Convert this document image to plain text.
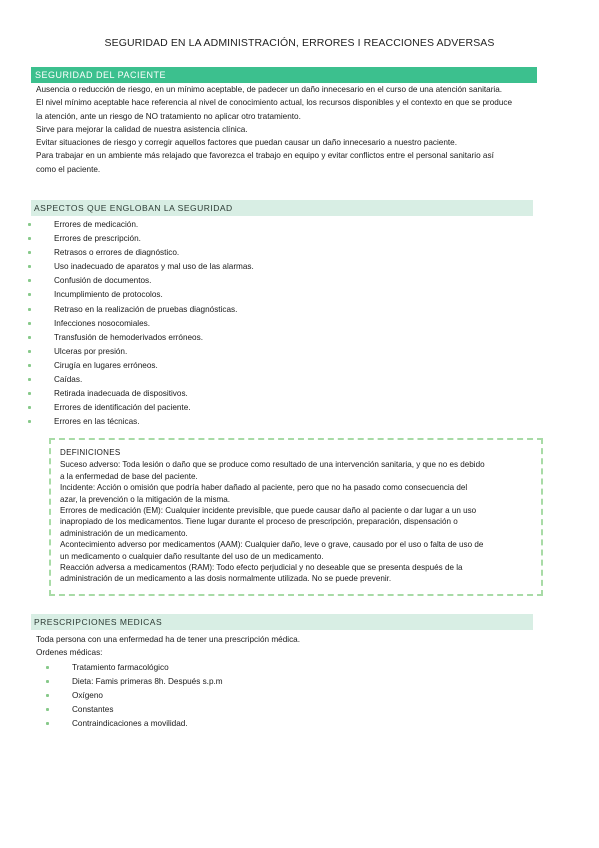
SEGURIDAD EN LA ADMINISTRACIÓN, ERRORES I REACCIONES ADVERSAS
SEGURIDAD DEL PACIENTE

Ausencia o reducción de riesgo, en un mínimo aceptable, de padecer un daño innecesario en el curso de una atención sanitaria.

El nivel mínimo aceptable hace referencia al nivel de conocimiento actual, los recursos disponibles y el contexto en que se produce

la atención, ante un riesgo de NO tratamiento no aplicar otro tratamiento.

Sirve para mejorar la calidad de nuestra asistencia clínica.

Evitar situaciones de riesgo y corregir aquellos factores que puedan causar un daño innecesario a nuestro paciente.

Para trabajar en un ambiente más relajado que favorezca el trabajo en equipo y evitar conflictos entre el personal sanitario así

como el paciente.

ASPECTOS QUE ENGLOBAN LA SEGURIDAD
Errores de medicación.
Errores de prescripción.
Retrasos o errores de diagnóstico.
Uso inadecuado de aparatos y mal uso de las alarmas.
Confusión de documentos.
Incumplimiento de protocolos.
Retraso en la realización de pruebas diagnósticas.
Infecciones nosocomiales.
Transfusión de hemoderivados erróneos.
Ulceras por presión.
Cirugía en lugares erróneos.
Caídas.
Retirada inadecuada de dispositivos.
Errores de identificación del paciente.
Errores en las técnicas.

DEFINICIONES

Suceso adverso: Toda lesión o daño que se produce como resultado de una intervención sanitaria, y que no es debido

a la enfermedad de base del paciente.

Incidente: Acción o omisión que podría haber dañado al paciente, pero que no ha pasado como consecuencia del

azar, la prevención o la mitigación de la misma.

Errores de medicación (EM): Cualquier incidente previsible, que puede causar daño al paciente o dar lugar a un uso

inapropiado de los medicamentos. Tiene lugar durante el proceso de prescripción, preparación, dispensación o

administración de un medicamento.

Acontecimiento adverso por medicamentos (AAM): Cualquier daño, leve o grave, causado por el uso o falta de uso de

un medicamento o cualquier daño resultante del uso de un medicamento.

Reacción adversa a medicamentos (RAM): Todo efecto perjudicial y no deseable que se presenta después de la

administración de un medicamento a las dosis normalmente utilizada. No se puede prevenir.

PRESCRIPCIONES MEDICAS

Toda persona con una enfermedad ha de tener una prescripción médica.

Ordenes médicas:

Tratamiento farmacológico
Dieta: Famis primeras 8h. Después s.p.m
Oxígeno
Constantes
Contraindicaciones a movilidad.
